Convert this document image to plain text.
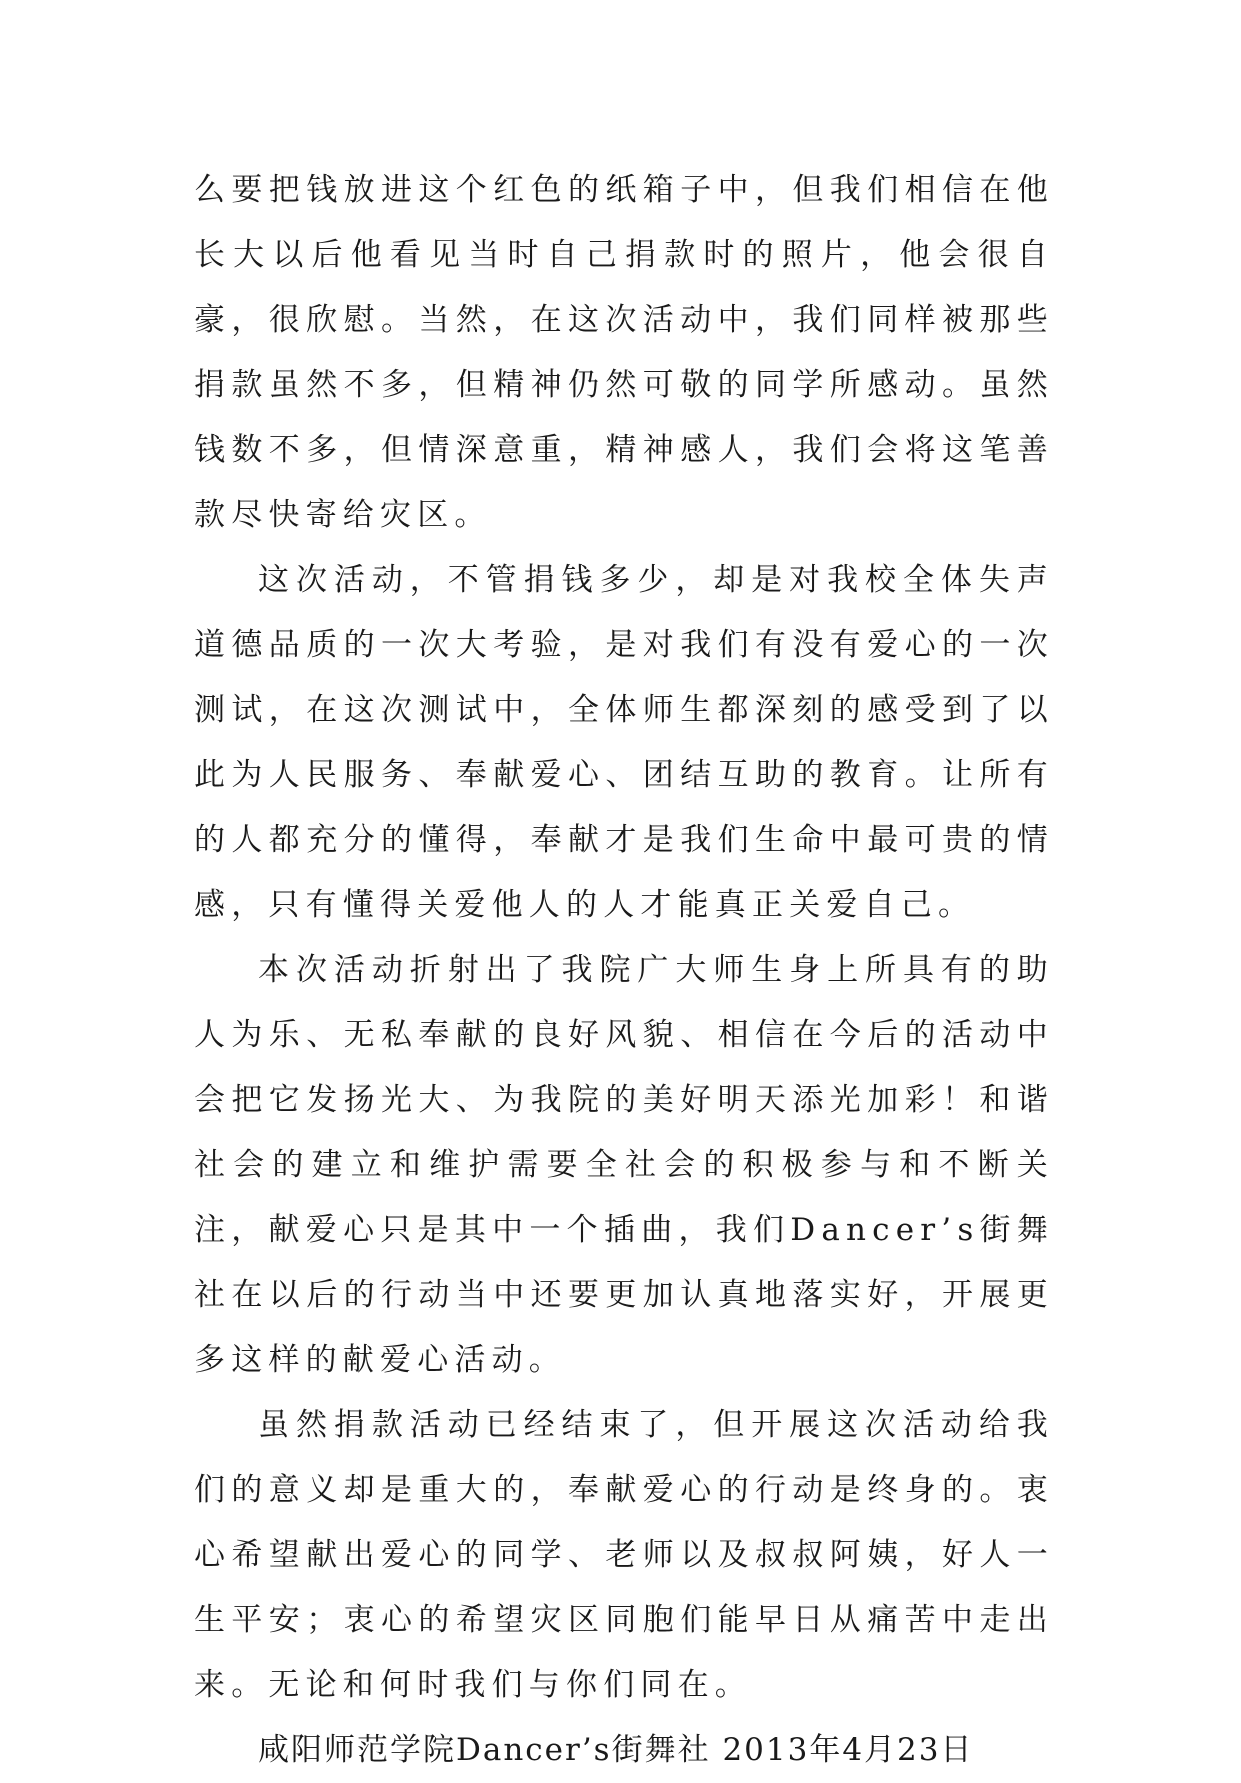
么要把钱放进这个红色的纸箱子中，但我们相信在他长大以后他看见当时自己捐款时的照片，他会很自豪，很欣慰。当然，在这次活动中，我们同样被那些捐款虽然不多，但精神仍然可敬的同学所感动。虽然钱数不多，但情深意重，精神感人，我们会将这笔善款尽快寄给灾区。

这次活动，不管捐钱多少，却是对我校全体失声道德品质的一次大考验，是对我们有没有爱心的一次测试，在这次测试中，全体师生都深刻的感受到了以此为人民服务、奉献爱心、团结互助的教育。让所有的人都充分的懂得，奉献才是我们生命中最可贵的情感，只有懂得关爱他人的人才能真正关爱自己。

本次活动折射出了我院广大师生身上所具有的助人为乐、无私奉献的良好风貌、相信在今后的活动中会把它发扬光大、为我院的美好明天添光加彩！和谐社会的建立和维护需要全社会的积极参与和不断关注，献爱心只是其中一个插曲，我们Dancer’s街舞社在以后的行动当中还要更加认真地落实好，开展更多这样的献爱心活动。

虽然捐款活动已经结束了，但开展这次活动给我们的意义却是重大的，奉献爱心的行动是终身的。衷心希望献出爱心的同学、老师以及叔叔阿姨，好人一生平安；衷心的希望灾区同胞们能早日从痛苦中走出来。无论和何时我们与你们同在。

咸阳师范学院Dancer’s街舞社 2013年4月23日
